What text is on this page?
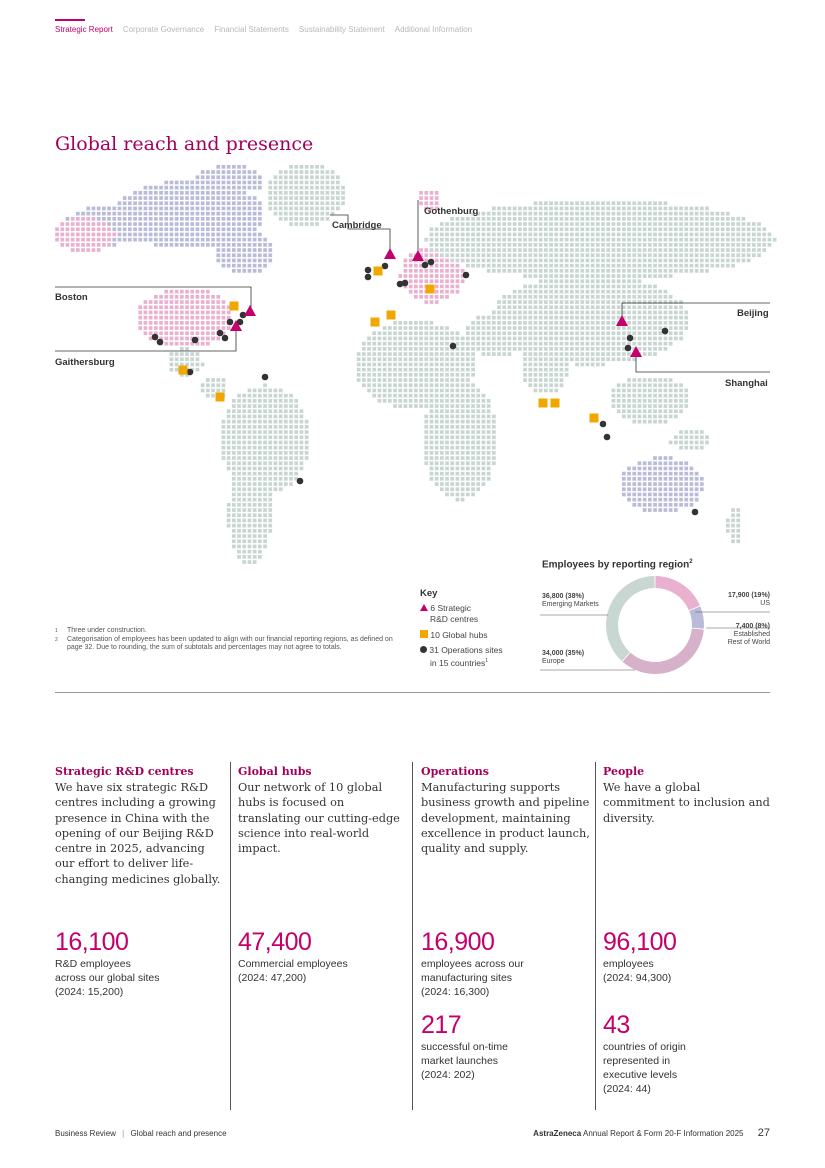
Strategic Report Corporate Governance Financial Statements Sustainability Statement Additional Information
Global reach and presence
Boston
Gaithersburg
Cambridge
Gothenburg
Beijing
Shanghai
Key
6 Strategic
R&D centres
10 Global hubs
31 Operations sites
in 15 countries$^1$
Employees by reporting region$^2$
36,800 (38%)
Emerging Markets
34,000 (35%)
Europe
17,900 (19%)
US
7,400 (8%)
Established
Rest of World
1	Three under construction.
2	Categorisation of employees has been updated to align with our financial reporting regions, as defined on page 32. Due to rounding, the sum of subtotals and percentages may not agree to totals.

Strategic R&D centres

We have six strategic R&D centres including a growing presence in China with the opening of our Beijing R&D centre in 2025, advancing our effort to deliver life-changing medicines globally.

Global hubs

Our network of 10 global hubs is focused on translating our cutting-edge science into real-world impact.

Operations

Manufacturing supports business growth and pipeline development, maintaining excellence in product launch, quality and supply.

People

We have a global commitment to inclusion and diversity.

16,100

R&D employees

across our global sites

(2024: 15,200)

47,400

Commercial employees

(2024: 47,200)

16,900

employees across our

manufacturing sites

(2024: 16,300)

217

successful on-time

market launches

(2024: 202)

96,100

employees

(2024: 94,300)

43

countries of origin

represented in

executive levels

(2024: 44)

Business Review | Global reach and presence	AstraZeneca Annual Report & Form 20-F Information 2025 27
